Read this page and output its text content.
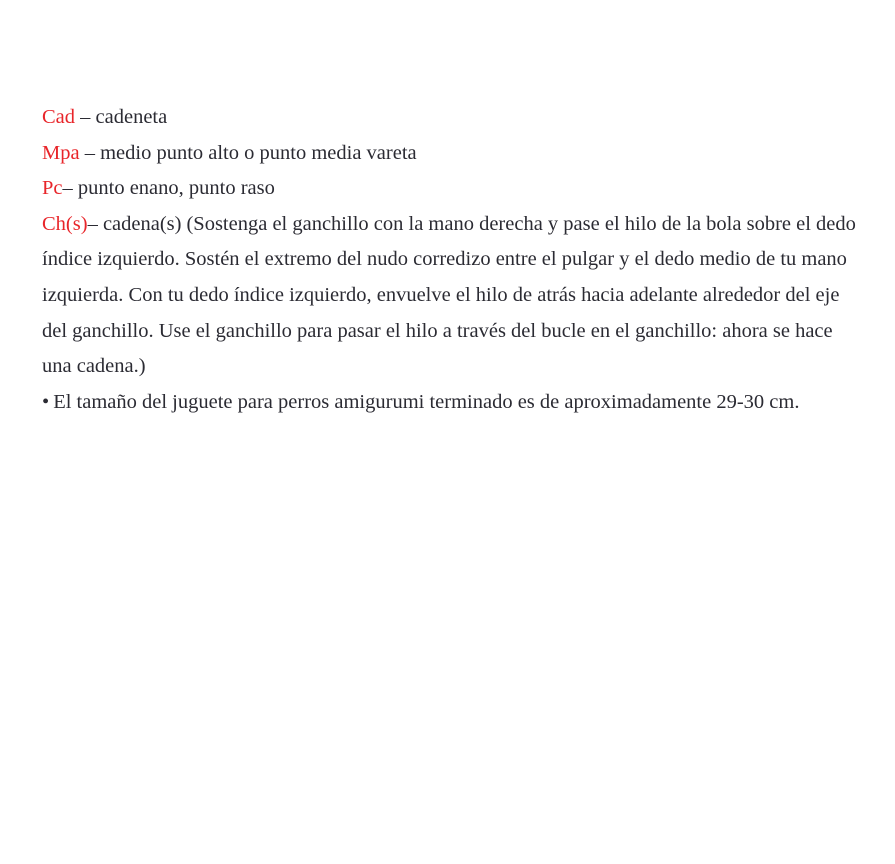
Cad – cadeneta
Mpa – medio punto alto o punto media vareta
Pc– punto enano, punto raso
Ch(s)– cadena(s) (Sostenga el ganchillo con la mano derecha y pase el hilo de la bola sobre el dedo índice izquierdo. Sostén el extremo del nudo corredizo entre el pulgar y el dedo medio de tu mano izquierda. Con tu dedo índice izquierdo, envuelve el hilo de atrás hacia adelante alrededor del eje del ganchillo. Use el ganchillo para pasar el hilo a través del bucle en el ganchillo: ahora se hace una cadena.)
• El tamaño del juguete para perros amigurumi terminado es de aproximadamente 29-30 cm.
